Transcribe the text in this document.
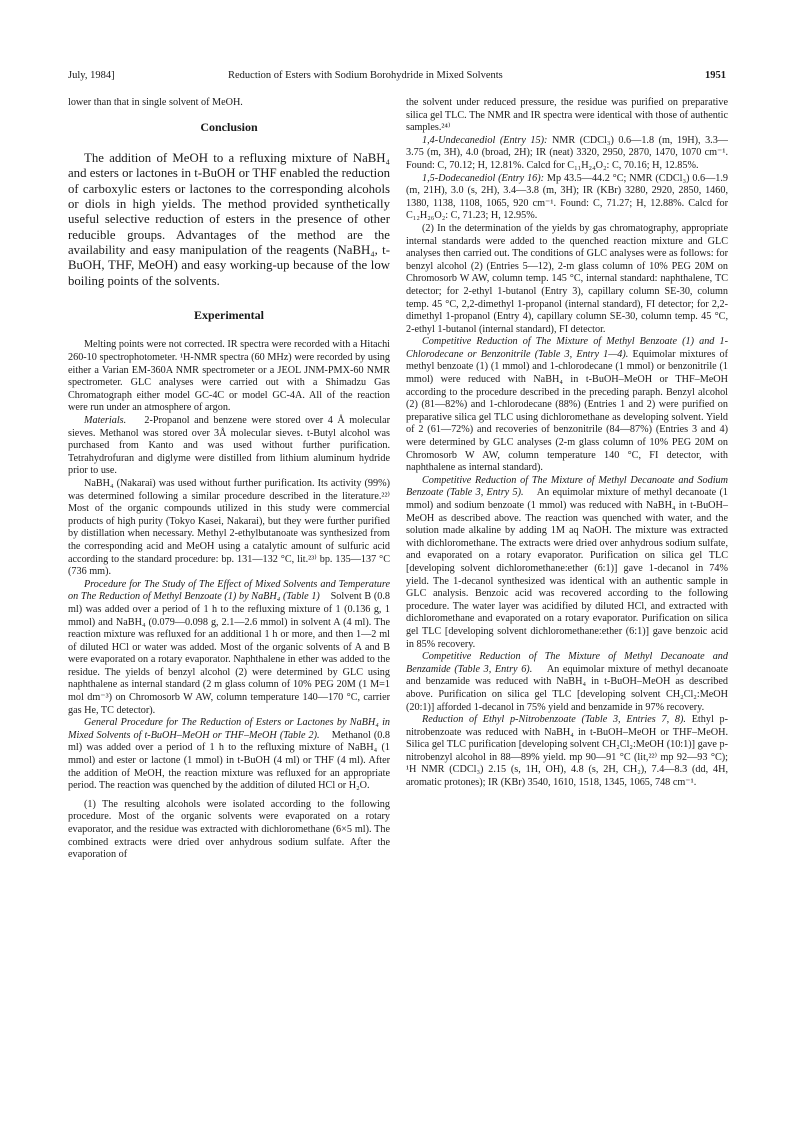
July, 1984]	Reduction of Esters with Sodium Borohydride in Mixed Solvents	1951

lower than that in single solvent of MeOH.

Conclusion

The addition of MeOH to a refluxing mixture of NaBH₄ and esters or lactones in t-BuOH or THF enabled the reduction of carboxylic esters or lactones to the corresponding alcohols or diols in high yields. The method provided synthetically useful selective reduction of esters in the presence of other reducible groups. Advantages of the method are the availability and easy manipulation of the reagents (NaBH₄, t-BuOH, THF, MeOH) and easy working-up because of the low boiling points of the solvents.

Experimental

Melting points were not corrected. IR spectra were recorded with a Hitachi 260-10 spectrophotometer. ¹H-NMR spectra (60 MHz) were recorded by using either a Varian EM-360A NMR spectrometer or a JEOL JNM-PMX-60 NMR spectrometer. GLC analyses were carried out with a Shimadzu Gas Chromatograph either model GC-4C or model GC-4A. All of the reaction were run under an atmosphere of argon.

Materials. 2-Propanol and benzene were stored over 4 Å molecular sieves. Methanol was stored over 3Å molecular sieves. t-Butyl alcohol was purchased from Kanto and was used without further purification. Tetrahydrofuran and diglyme were distilled from lithium aluminum hydride prior to use.

NaBH₄ (Nakarai) was used without further purification. Its activity (99%) was determined following a similar procedure described in the literature.²²⁾ Most of the organic compounds utilized in this study were commercial products of high purity (Tokyo Kasei, Nakarai), but they were further purified by distillation when necessary. Methyl 2-ethylbutanoate was synthesized from the corresponding acid and MeOH using a catalytic amount of sulfuric acid according to the standard procedure: bp. 131—132 °C, lit.²³⁾ bp. 135—137 °C (736 mm).

Procedure for The Study of The Effect of Mixed Solvents and Temperature on The Reduction of Methyl Benzoate (1) by NaBH₄ (Table 1) Solvent B (0.8 ml) was added over a period of 1 h to the refluxing mixture of 1 (0.136 g, 1 mmol) and NaBH₄ (0.079—0.098 g, 2.1—2.6 mmol) in solvent A (4 ml). The reaction mixture was refluxed for an additional 1 h or more, and then 1—2 ml of diluted HCl or water was added. Most of the organic solvents of A and B were evaporated on a rotary evaporator. Naphthalene in ether was added to the residue. The yields of benzyl alcohol (2) were determined by GLC using naphthalene as internal standard (2 m glass column of 10% PEG 20M (1 M=1 mol dm⁻³) on Chromosorb W AW, column temperature 140—170 °C, carrier gas He, TC detector).

General Procedure for The Reduction of Esters or Lactones by NaBH₄ in Mixed Solvents of t-BuOH–MeOH or THF–MeOH (Table 2). Methanol (0.8 ml) was added over a period of 1 h to the refluxing mixture of NaBH₄ (1 mmol) and ester or lactone (1 mmol) in t-BuOH (4 ml) or THF (4 ml). After the addition of MeOH, the reaction mixture was refluxed for an appropriate period. The reaction was quenched by the addition of diluted HCl or H₂O.

(1) The resulting alcohols were isolated according to the following procedure. Most of the organic solvents were evaporated on a rotary evaporator, and the residue was extracted with dichloromethane (6×5 ml). The combined extracts were dried over anhydrous sodium sulfate. After the evaporation of

the solvent under reduced pressure, the residue was purified on preparative silica gel TLC. The NMR and IR spectra were identical with those of authentic samples.²⁴⁾

1,4-Undecanediol (Entry 15): NMR (CDCl₃) 0.6—1.8 (m, 19H), 3.3—3.75 (m, 3H), 4.0 (broad, 2H); IR (neat) 3320, 2950, 2870, 1470, 1070 cm⁻¹. Found: C, 70.12; H, 12.81%. Calcd for C₁₁H₂₄O₂: C, 70.16; H, 12.85%.

1,5-Dodecanediol (Entry 16): Mp 43.5—44.2 °C; NMR (CDCl₃) 0.6—1.9 (m, 21H), 3.0 (s, 2H), 3.4—3.8 (m, 3H); IR (KBr) 3280, 2920, 2850, 1460, 1380, 1138, 1108, 1065, 920 cm⁻¹. Found: C, 71.27; H, 12.88%. Calcd for C₁₂H₂₆O₂: C, 71.23; H, 12.95%.

(2) In the determination of the yields by gas chromatography, appropriate internal standards were added to the quenched reaction mixture and GLC analyses then carried out. The conditions of GLC analyses were as follows: for benzyl alcohol (2) (Entries 5—12), 2-m glass column of 10% PEG 20M on Chromosorb W AW, column temp. 145 °C, internal standard: naphthalene, TC detector; for 2-ethyl 1-butanol (Entry 3), capillary column SE-30, column temp. 45 °C, 2,2-dimethyl 1-propanol (internal standard), FI detector; for 2,2-dimethyl 1-propanol (Entry 4), capillary column SE-30, column temp. 45 °C, 2-ethyl 1-butanol (internal standard), FI detector.

Competitive Reduction of The Mixture of Methyl Benzoate (1) and 1-Chlorodecane or Benzonitrile (Table 3, Entry 1—4). Equimolar mixtures of methyl benzoate (1) (1 mmol) and 1-chlorodecane (1 mmol) or benzonitrile (1 mmol) were reduced with NaBH₄ in t-BuOH–MeOH or THF–MeOH according to the procedure described in the preceding paraph. Benzyl alcohol (2) (81—82%) and 1-chlorodecane (88%) (Entries 1 and 2) were purified on preparative silica gel TLC using dichloromethane as developing solvent. Yield of 2 (61—72%) and recoveries of benzonitrile (84—87%) (Entries 3 and 4) were determined by GLC analyses (2-m glass column of 10% PEG 20M on Chromosorb W AW, column temperature 140 °C, FI detector, with naphthalene as internal standard).

Competitive Reduction of The Mixture of Methyl Decanoate and Sodium Benzoate (Table 3, Entry 5). An equimolar mixture of methyl decanoate (1 mmol) and sodium benzoate (1 mmol) was reduced with NaBH₄ in t-BuOH–MeOH as described above. The reaction was quenched with water, and the solution made alkaline by adding 1M aq NaOH. The mixture was extracted with dichloromethane. The extracts were dried over anhydrous sodium sulfate, and evaporated on a rotary evaporator. Purification on silica gel TLC [developing solvent dichloromethane:ether (6:1)] gave 1-decanol in 74% yield. The 1-decanol synthesized was identical with an authentic sample in GLC analysis. Benzoic acid was recovered according to the following procedure. The water layer was acidified by diluted HCl, and extracted with dichloromethane and evaporated on a rotary evaporator. Purification on silica gel TLC [developing solvent dichloromethane:ether (6:1)] gave benzoic acid in 85% recovery.

Competitive Reduction of The Mixture of Methyl Decanoate and Benzamide (Table 3, Entry 6). An equimolar mixture of methyl decanoate and benzamide was reduced with NaBH₄ in t-BuOH–MeOH as described above. Purification on silica gel TLC [developing solvent CH₂Cl₂:MeOH (20:1)] afforded 1-decanol in 75% yield and benzamide in 97% recovery.

Reduction of Ethyl p-Nitrobenzoate (Table 3, Entries 7, 8). Ethyl p-nitrobenzoate was reduced with NaBH₄ in t-BuOH–MeOH or THF–MeOH. Silica gel TLC purification [developing solvent CH₂Cl₂:MeOH (10:1)] gave p-nitrobenzyl alcohol in 88—89% yield. mp 90—91 °C (lit,²²⁾ mp 92—93 °C); ¹H NMR (CDCl₃) 2.15 (s, 1H, OH), 4.8 (s, 2H, CH₂), 7.4—8.3 (dd, 4H, aromatic protones); IR (KBr) 3540, 1610, 1518, 1345, 1065, 748 cm⁻¹.
